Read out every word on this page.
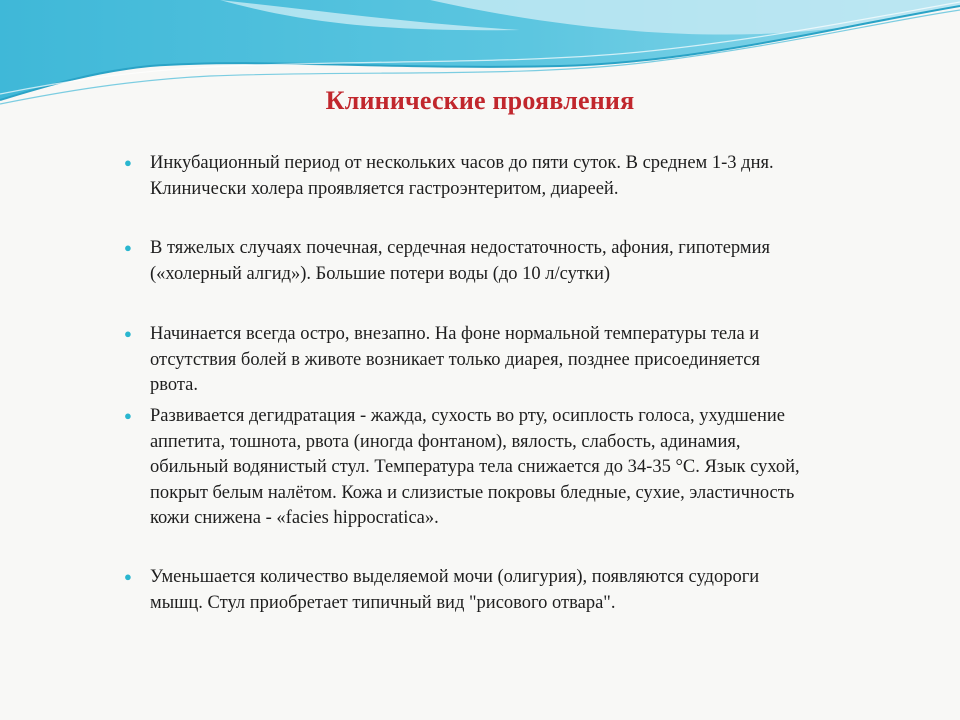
Клинические проявления
● Инкубационный период от нескольких часов до пяти суток. В среднем 1-3 дня.
Клинически холера проявляется гастроэнтеритом, диареей.
● В тяжелых случаях почечная, сердечная недостаточность, афония, гипотермия
(«холерный алгид»). Большие потери воды (до 10 л/сутки)
● Начинается всегда остро, внезапно. На фоне нормальной температуры тела и
отсутствия болей в животе возникает только диарея, позднее присоединяется
рвота.
● Развивается дегидратация - жажда, сухость во рту, осиплость голоса, ухудшение
аппетита, тошнота, рвота (иногда фонтаном), вялость, слабость, адинамия,
обильный водянистый стул. Температура тела снижается до 34-35 °С. Язык сухой,
покрыт белым налётом. Кожа и слизистые покровы бледные, сухие, эластичность
кожи снижена - «facies hippocratica».
● Уменьшается количество выделяемой мочи (олигурия), появляются судороги
мышц. Стул приобретает типичный вид "рисового отвара".
